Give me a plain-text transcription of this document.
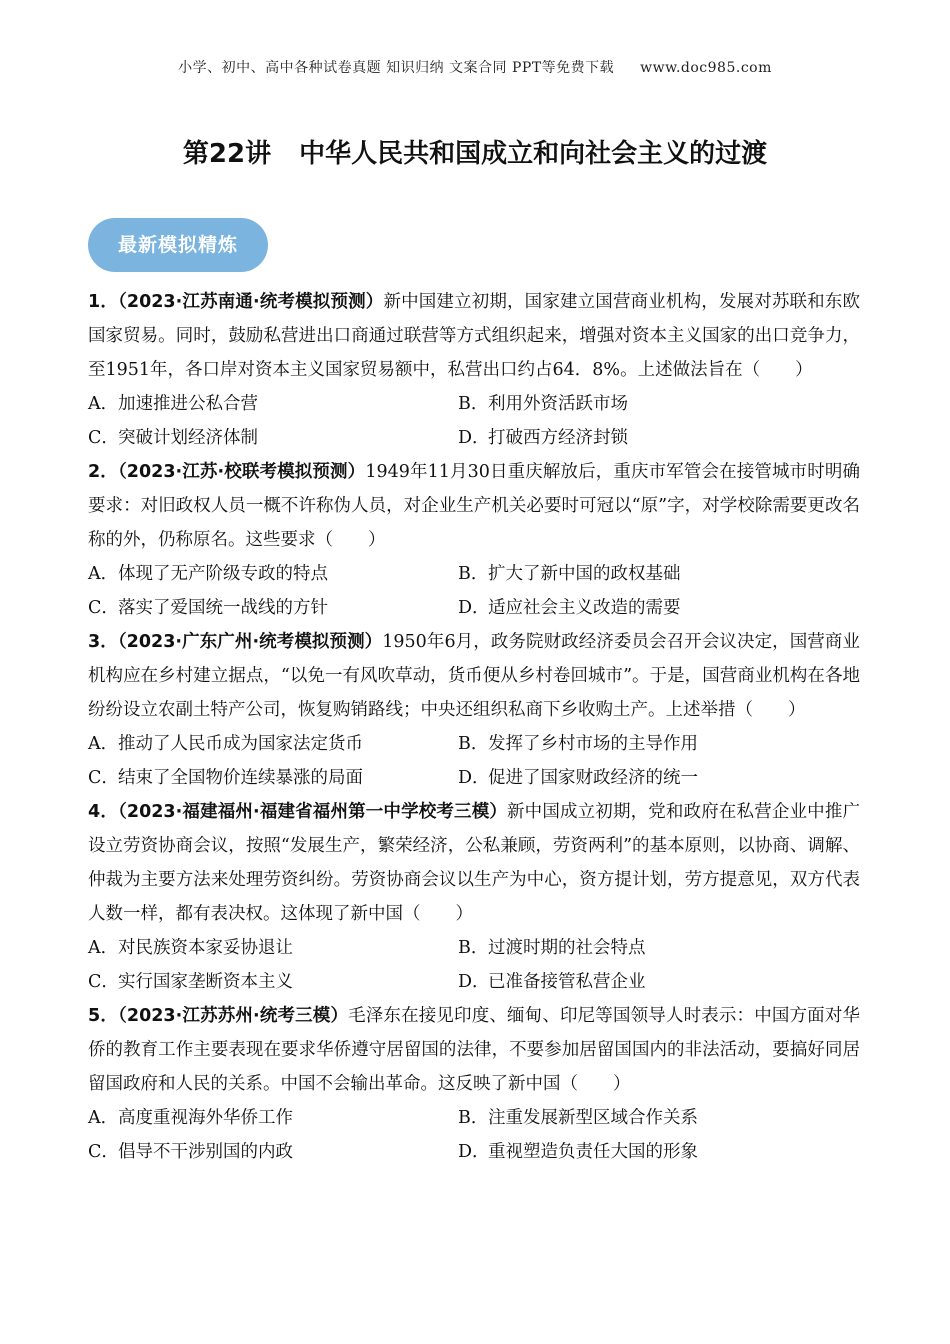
小学、初中、高中各种试卷真题 知识归纳 文案合同 PPT等免费下载 www.doc985.com
第22讲 中华人民共和国成立和向社会主义的过渡
最新模拟精炼

1．（2023·江苏南通·统考模拟预测）新中国建立初期，国家建立国营商业机构，发展对苏联和东欧国家贸易。同时，鼓励私营进出口商通过联营等方式组织起来，增强对资本主义国家的出口竞争力，至1951年，各口岸对资本主义国家贸易额中，私营出口约占64．8%。上述做法旨在（　　）

A．加速推进公私合营	B．利用外资活跃市场
C．突破计划经济体制	D．打破西方经济封锁

2．（2023·江苏·校联考模拟预测）1949年11月30日重庆解放后，重庆市军管会在接管城市时明确要求：对旧政权人员一概不许称伪人员，对企业生产机关必要时可冠以“原”字，对学校除需要更改名称的外，仍称原名。这些要求（　　）

A．体现了无产阶级专政的特点	B．扩大了新中国的政权基础
C．落实了爱国统一战线的方针	D．适应社会主义改造的需要

3．（2023·广东广州·统考模拟预测）1950年6月，政务院财政经济委员会召开会议决定，国营商业机构应在乡村建立据点，“以免一有风吹草动，货币便从乡村卷回城市”。于是，国营商业机构在各地纷纷设立农副土特产公司，恢复购销路线；中央还组织私商下乡收购土产。上述举措（　　）

A．推动了人民币成为国家法定货币	B．发挥了乡村市场的主导作用
C．结束了全国物价连续暴涨的局面	D．促进了国家财政经济的统一

4．（2023·福建福州·福建省福州第一中学校考三模）新中国成立初期，党和政府在私营企业中推广设立劳资协商会议，按照“发展生产，繁荣经济，公私兼顾，劳资两利”的基本原则，以协商、调解、仲裁为主要方法来处理劳资纠纷。劳资协商会议以生产为中心，资方提计划，劳方提意见，双方代表人数一样，都有表决权。这体现了新中国（　　）

A．对民族资本家妥协退让	B．过渡时期的社会特点
C．实行国家垄断资本主义	D．已准备接管私营企业

5．（2023·江苏苏州·统考三模）毛泽东在接见印度、缅甸、印尼等国领导人时表示：中国方面对华侨的教育工作主要表现在要求华侨遵守居留国的法律，不要参加居留国国内的非法活动，要搞好同居留国政府和人民的关系。中国不会输出革命。这反映了新中国（　　）

A．高度重视海外华侨工作	B．注重发展新型区域合作关系
C．倡导不干涉别国的内政	D．重视塑造负责任大国的形象
